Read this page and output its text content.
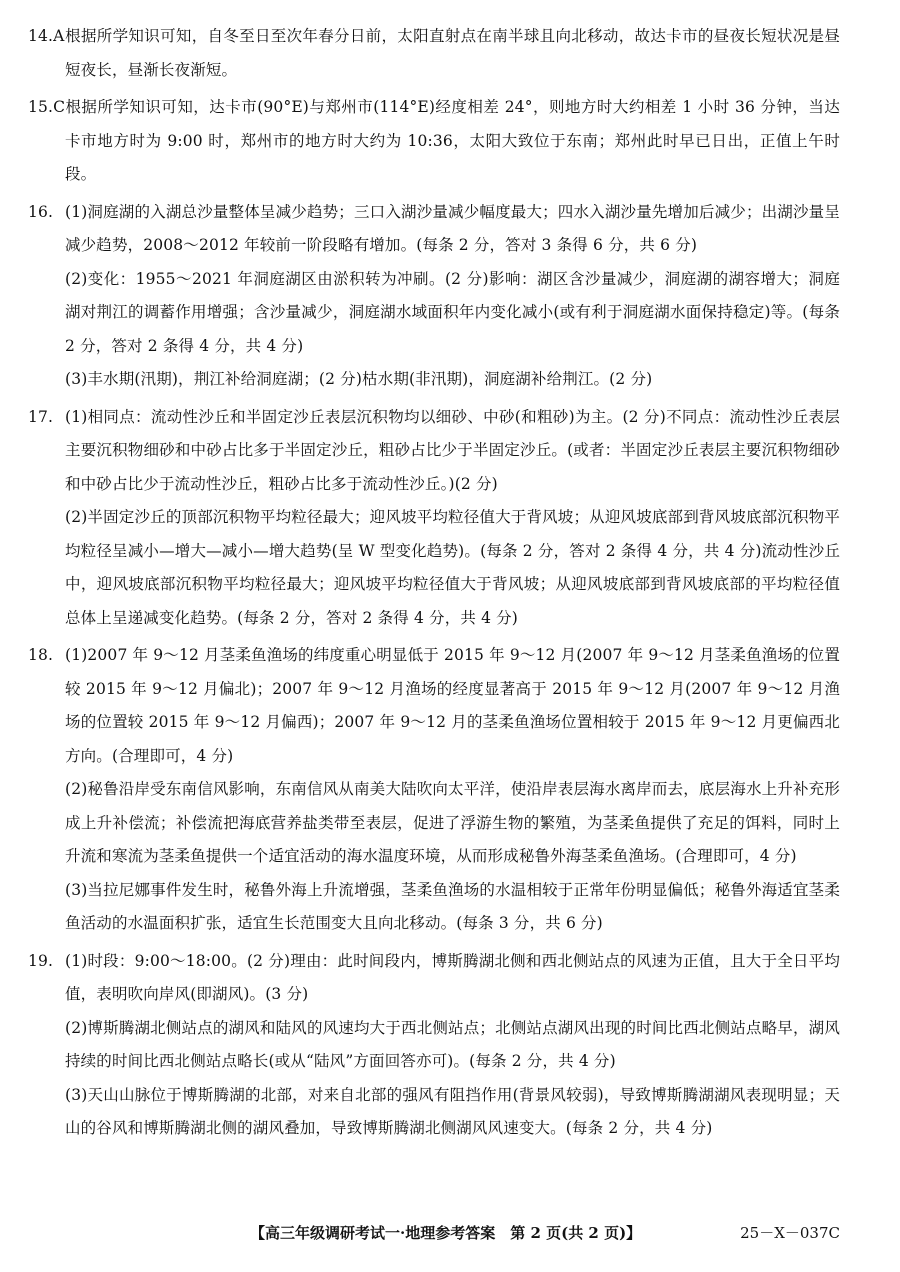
14.A根据所学知识可知，自冬至日至次年春分日前，太阳直射点在南半球且向北移动，故达卡市的昼夜长短状况是昼短夜长，昼渐长夜渐短。

15.C根据所学知识可知，达卡市(90°E)与郑州市(114°E)经度相差 24°，则地方时大约相差 1 小时 36 分钟，当达卡市地方时为 9:00 时，郑州市的地方时大约为 10:36，太阳大致位于东南；郑州此时早已日出，正值上午时段。

16. (1)洞庭湖的入湖总沙量整体呈减少趋势；三口入湖沙量减少幅度最大；四水入湖沙量先增加后减少；出湖沙量呈减少趋势，2008～2012 年较前一阶段略有增加。(每条 2 分，答对 3 条得 6 分，共 6 分)

(2)变化：1955～2021 年洞庭湖区由淤积转为冲刷。(2 分)影响：湖区含沙量减少，洞庭湖的湖容增大；洞庭湖对荆江的调蓄作用增强；含沙量减少，洞庭湖水域面积年内变化减小(或有利于洞庭湖水面保持稳定)等。(每条 2 分，答对 2 条得 4 分，共 4 分)

(3)丰水期(汛期)，荆江补给洞庭湖；(2 分)枯水期(非汛期)，洞庭湖补给荆江。(2 分)

17. (1)相同点：流动性沙丘和半固定沙丘表层沉积物均以细砂、中砂(和粗砂)为主。(2 分)不同点：流动性沙丘表层主要沉积物细砂和中砂占比多于半固定沙丘，粗砂占比少于半固定沙丘。(或者：半固定沙丘表层主要沉积物细砂和中砂占比少于流动性沙丘，粗砂占比多于流动性沙丘。)(2 分)

(2)半固定沙丘的顶部沉积物平均粒径最大；迎风坡平均粒径值大于背风坡；从迎风坡底部到背风坡底部沉积物平均粒径呈减小—增大—减小—增大趋势(呈 W 型变化趋势)。(每条 2 分，答对 2 条得 4 分，共 4 分)流动性沙丘中，迎风坡底部沉积物平均粒径最大；迎风坡平均粒径值大于背风坡；从迎风坡底部到背风坡底部的平均粒径值总体上呈递减变化趋势。(每条 2 分，答对 2 条得 4 分，共 4 分)

18. (1)2007 年 9～12 月茎柔鱼渔场的纬度重心明显低于 2015 年 9～12 月(2007 年 9～12 月茎柔鱼渔场的位置较 2015 年 9～12 月偏北)；2007 年 9～12 月渔场的经度显著高于 2015 年 9～12 月(2007 年 9～12 月渔场的位置较 2015 年 9～12 月偏西)；2007 年 9～12 月的茎柔鱼渔场位置相较于 2015 年 9～12 月更偏西北方向。(合理即可，4 分)

(2)秘鲁沿岸受东南信风影响，东南信风从南美大陆吹向太平洋，使沿岸表层海水离岸而去，底层海水上升补充形成上升补偿流；补偿流把海底营养盐类带至表层，促进了浮游生物的繁殖，为茎柔鱼提供了充足的饵料，同时上升流和寒流为茎柔鱼提供一个适宜活动的海水温度环境，从而形成秘鲁外海茎柔鱼渔场。(合理即可，4 分)

(3)当拉尼娜事件发生时，秘鲁外海上升流增强，茎柔鱼渔场的水温相较于正常年份明显偏低；秘鲁外海适宜茎柔鱼活动的水温面积扩张，适宜生长范围变大且向北移动。(每条 3 分，共 6 分)

19. (1)时段：9:00～18:00。(2 分)理由：此时间段内，博斯腾湖北侧和西北侧站点的风速为正值，且大于全日平均值，表明吹向岸风(即湖风)。(3 分)

(2)博斯腾湖北侧站点的湖风和陆风的风速均大于西北侧站点；北侧站点湖风出现的时间比西北侧站点略早，湖风持续的时间比西北侧站点略长(或从“陆风”方面回答亦可)。(每条 2 分，共 4 分)

(3)天山山脉位于博斯腾湖的北部，对来自北部的强风有阻挡作用(背景风较弱)，导致博斯腾湖湖风表现明显；天山的谷风和博斯腾湖北侧的湖风叠加，导致博斯腾湖北侧湖风风速变大。(每条 2 分，共 4 分)

【高三年级调研考试一·地理参考答案　第 2 页(共 2 页)】	25－X－037C
